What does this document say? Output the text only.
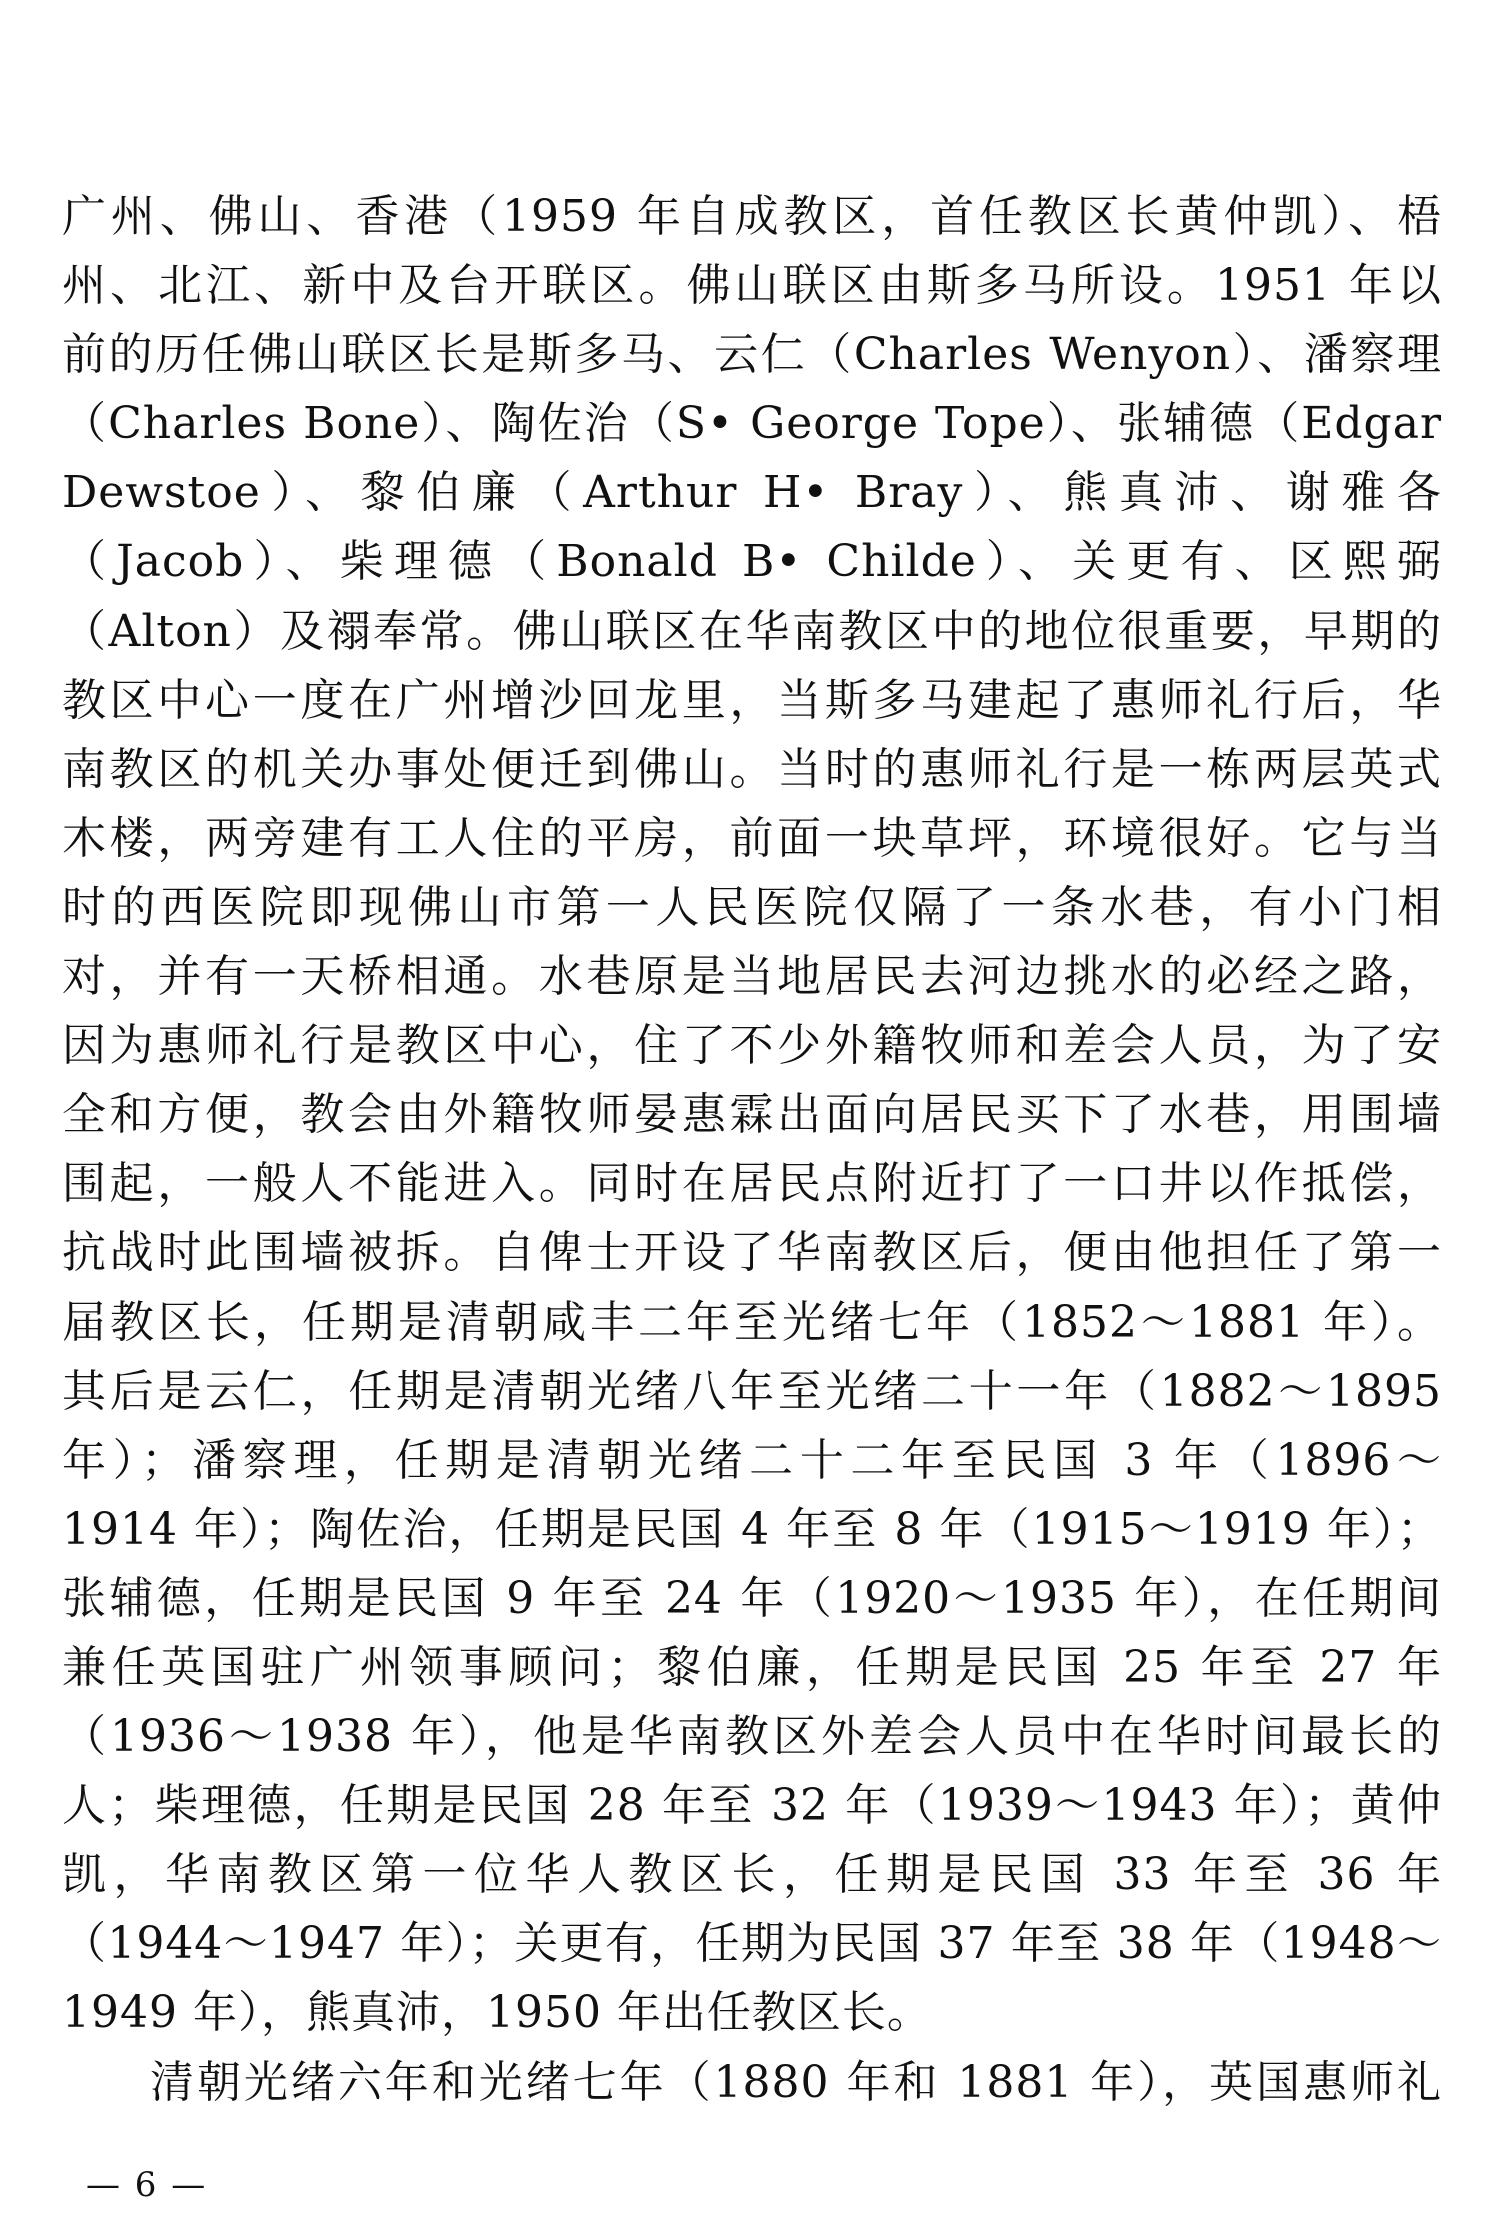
广州、佛山、香港（1959 年自成教区，首任教区长黄仲凯）、梧
州、北江、新中及台开联区。佛山联区由斯多马所设。1951 年以
前的历任佛山联区长是斯多马、云仁（Charles Wenyon）、潘察理
（Charles Bone）、陶佐治（S• George Tope）、张辅德（Edgar
Dewstoe）、黎伯廉（Arthur H• Bray）、熊真沛、谢雅各
（Jacob）、柴理德（Bonald B• Childe）、关更有、区熙弼
（Alton）及禤奉常。佛山联区在华南教区中的地位很重要，早期的
教区中心一度在广州增沙回龙里，当斯多马建起了惠师礼行后，华
南教区的机关办事处便迁到佛山。当时的惠师礼行是一栋两层英式
木楼，两旁建有工人住的平房，前面一块草坪，环境很好。它与当
时的西医院即现佛山市第一人民医院仅隔了一条水巷，有小门相
对，并有一天桥相通。水巷原是当地居民去河边挑水的必经之路，
因为惠师礼行是教区中心，住了不少外籍牧师和差会人员，为了安
全和方便，教会由外籍牧师晏惠霖出面向居民买下了水巷，用围墙
围起，一般人不能进入。同时在居民点附近打了一口井以作抵偿，
抗战时此围墙被拆。自俾士开设了华南教区后，便由他担任了第一
届教区长，任期是清朝咸丰二年至光绪七年（1852～1881 年）。
其后是云仁，任期是清朝光绪八年至光绪二十一年（1882～1895
年）；潘察理，任期是清朝光绪二十二年至民国 3 年（1896～
1914 年）；陶佐治，任期是民国 4 年至 8 年（1915～1919 年）；
张辅德，任期是民国 9 年至 24 年（1920～1935 年），在任期间
兼任英国驻广州领事顾问；黎伯廉，任期是民国 25 年至 27 年
（1936～1938 年），他是华南教区外差会人员中在华时间最长的
人；柴理德，任期是民国 28 年至 32 年（1939～1943 年）；黄仲
凯，华南教区第一位华人教区长，任期是民国 33 年至 36 年
（1944～1947 年）；关更有，任期为民国 37 年至 38 年（1948～
1949 年），熊真沛，1950 年出任教区长。
清朝光绪六年和光绪七年（1880 年和 1881 年），英国惠师礼
— 6 —
